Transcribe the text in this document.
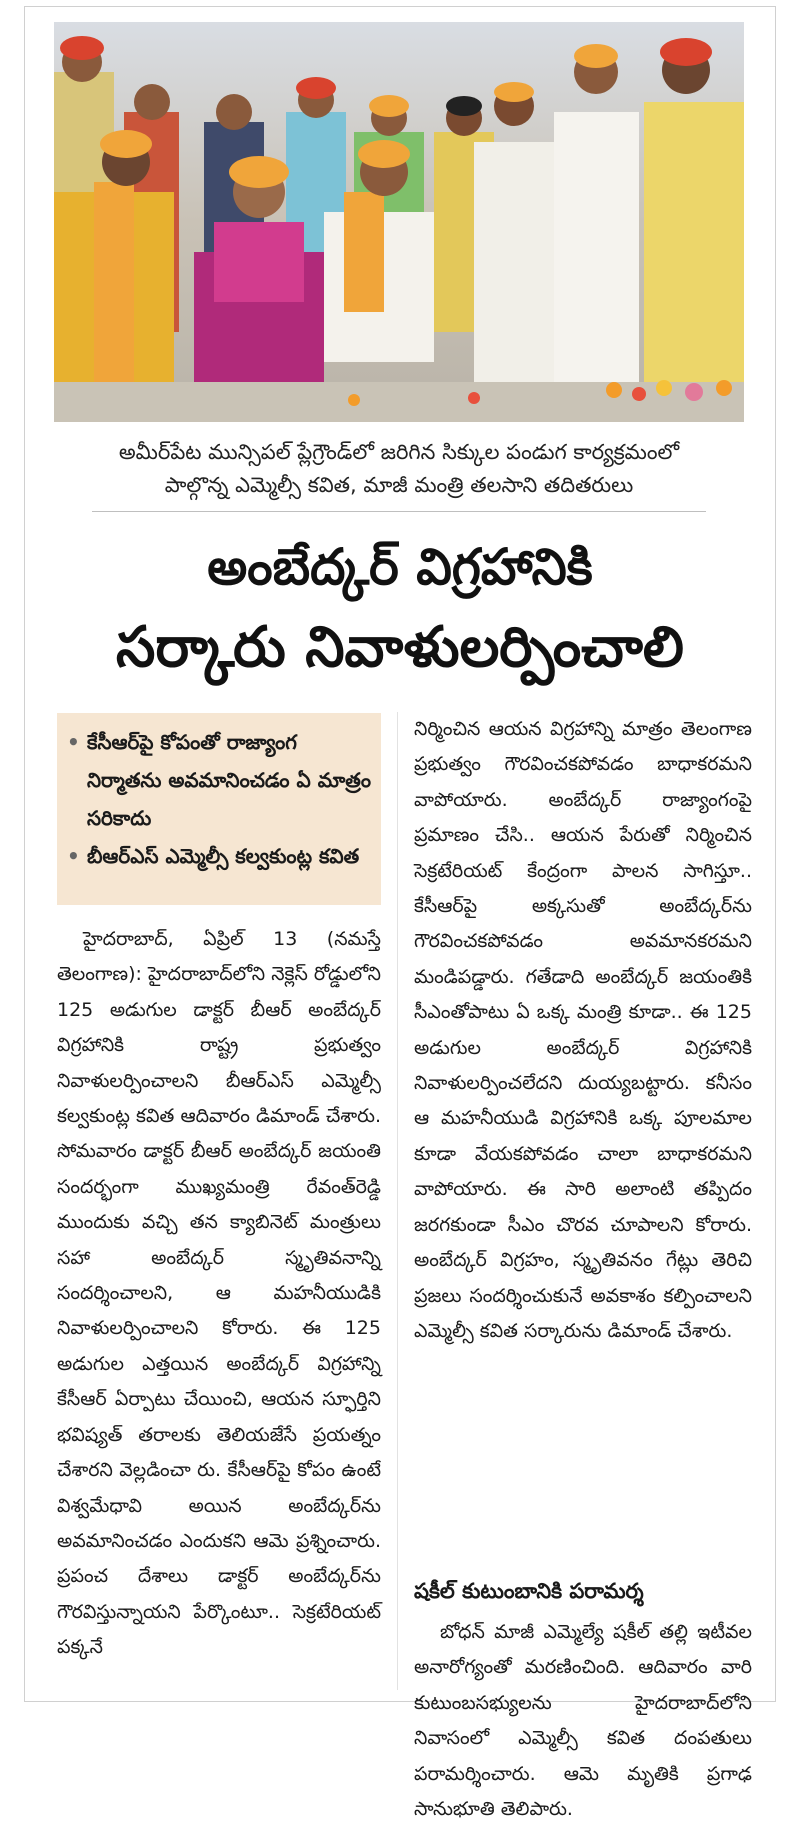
అమీర్‌పేట మున్సిపల్ ప్లేగ్రౌండ్‌లో జరిగిన సిక్కుల పండుగ కార్యక్రమంలో
పాల్గొన్న ఎమ్మెల్సీ కవిత, మాజీ మంత్రి తలసాని తదితరులు
అంబేద్కర్ విగ్రహానికి
సర్కారు నివాళులర్పించాలి
• కేసీఆర్‌పై కోపంతో రాజ్యాంగ నిర్మాతను అవమానించడం ఏ మాత్రం సరికాదు
• బీఆర్‌ఎస్ ఎమ్మెల్సీ కల్వకుంట్ల కవిత

హైదరాబాద్, ఏప్రిల్ 13 (నమస్తే తెలంగాణ): హైదరాబాద్‌లోని నెక్లెస్ రోడ్డులోని 125 అడుగుల డాక్టర్ బీఆర్ అంబేద్కర్ విగ్రహానికి రాష్ట్ర ప్రభుత్వం నివాళులర్పించాలని బీఆర్‌ఎస్ ఎమ్మెల్సీ కల్వకుంట్ల కవిత ఆదివారం డిమాండ్ చేశారు. సోమవారం డాక్టర్ బీఆర్ అంబేద్కర్ జయంతి సందర్భంగా ముఖ్యమంత్రి రేవంత్‌రెడ్డి ముందుకు వచ్చి తన క్యాబినెట్ మంత్రులు సహా అంబేద్కర్ స్మృతివనాన్ని సందర్శించాలని, ఆ మహనీయుడికి నివాళులర్పించాలని కోరారు. ఈ 125 అడుగుల ఎత్తయిన అంబేద్కర్ విగ్రహాన్ని కేసీఆర్ ఏర్పాటు చేయించి, ఆయన స్ఫూర్తిని భవిష్యత్ తరాలకు తెలియజేసే ప్రయత్నం చేశారని వెల్లడించా రు. కేసీఆర్‌పై కోపం ఉంటే విశ్వమేధావి అయిన అంబేద్కర్‌ను అవమానించడం ఎందుకని ఆమె ప్రశ్నించారు. ప్రపంచ దేశాలు డాక్టర్ అంబేద్కర్‌ను గౌరవిస్తున్నాయని పేర్కొంటూ.. సెక్రటేరియట్ పక్కనే

నిర్మించిన ఆయన విగ్రహాన్ని మాత్రం తెలంగాణ ప్రభుత్వం గౌరవించకపోవడం బాధాకరమని వాపోయారు. అంబేద్కర్ రాజ్యాంగంపై ప్రమాణం చేసి.. ఆయన పేరుతో నిర్మించిన సెక్రటేరియట్ కేంద్రంగా పాలన సాగిస్తూ.. కేసీఆర్‌పై అక్కసుతో అంబేద్కర్‌ను గౌరవించకపోవడం అవమానకరమని మండిపడ్డారు. గతేడాది అంబేద్కర్ జయంతికి సీఎంతోపాటు ఏ ఒక్క మంత్రి కూడా.. ఈ 125 అడుగుల అంబేద్కర్ విగ్రహానికి నివాళులర్పించలేదని దుయ్యబట్టారు. కనీసం ఆ మహనీయుడి విగ్రహానికి ఒక్క పూలమాల కూడా వేయకపోవడం చాలా బాధాకరమని వాపోయారు. ఈ సారి అలాంటి తప్పిదం జరగకుండా సీఎం చొరవ చూపాలని కోరారు. అంబేద్కర్ విగ్రహం, స్మృతివనం గేట్లు తెరిచి ప్రజలు సందర్శించుకునే అవకాశం కల్పించాలని ఎమ్మెల్సీ కవిత సర్కారును డిమాండ్ చేశారు.

షకీల్ కుటుంబానికి పరామర్శ

బోధన్ మాజీ ఎమ్మెల్యే షకీల్ తల్లి ఇటీవల అనారోగ్యంతో మరణించింది. ఆదివారం వారి కుటుంబసభ్యులను హైదరాబాద్‌లోని నివాసంలో ఎమ్మెల్సీ కవిత దంపతులు పరామర్శించారు. ఆమె మృతికి ప్రగాఢ సానుభూతి తెలిపారు.
